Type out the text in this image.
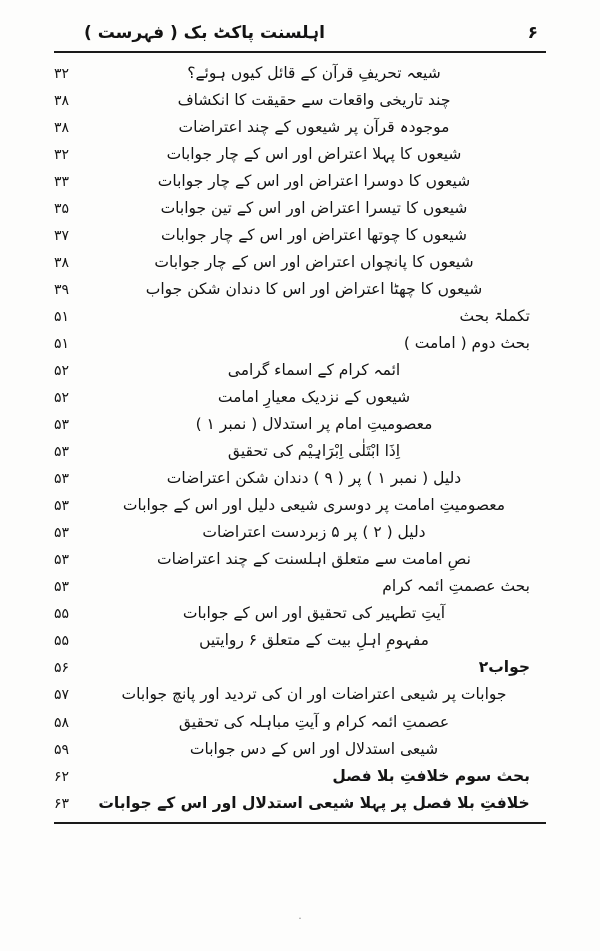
اہلسنت پاکٹ بک ( فہرست )	۶
شیعہ تحریفِ قرآن کے قائل کیوں ہوئے؟
۳۲
چند تاریخی واقعات سے حقیقت کا انکشاف
۳۸
موجودہ قرآن پر شیعوں کے چند اعتراضات
۳۸
شیعوں کا پہلا اعتراض اور اس کے چار جوابات
۳۲
شیعوں کا دوسرا اعتراض اور اس کے چار جوابات
۳۳
شیعوں کا تیسرا اعتراض اور اس کے تین جوابات
۳۵
شیعوں کا چوتھا اعتراض اور اس کے چار جوابات
۳۷
شیعوں کا پانچواں اعتراض اور اس کے چار جوابات
۳۸
شیعوں کا چھٹا اعتراض اور اس کا دندان شکن جواب
۳۹
تکملۃ بحث
۵۱
بحث دوم ( امامت )
۵۱
ائمہ کرام کے اسماء گرامی
۵۲
شیعوں کے نزدیک معیارِ امامت
۵۲
معصومیتِ امام پر استدلال ( نمبر ۱ )
۵۳
اِذَا ابْتَلٰی اِبْرَاہِیْم کی تحقیق
۵۳
دلیل ( نمبر ۱ ) پر ( ۹ ) دندان شکن اعتراضات
۵۳
معصومیتِ امامت پر دوسری شیعی دلیل اور اس کے جوابات
۵۳
دلیل ( ۲ ) پر ۵ زبردست اعتراضات
۵۳
نصِ امامت سے متعلق اہلسنت کے چند اعتراضات
۵۳
بحث عصمتِ ائمہ کرام
۵۳
آیتِ تطہیر کی تحقیق اور اس کے جوابات
۵۵
مفہومِ اہلِ بیت کے متعلق ۶ روایتیں
۵۵
جواب۲
۵۶
جوابات پر شیعی اعتراضات اور ان کی تردید اور پانچ جوابات
۵۷
عصمتِ ائمہ کرام و آیتِ مباہلہ کی تحقیق
۵۸
شیعی استدلال اور اس کے دس جوابات
۵۹
بحث سوم خلافتِ بلا فصل
۶۲
خلافتِ بلا فصل پر پہلا شیعی استدلال اور اس کے جوابات
۶۳
·
